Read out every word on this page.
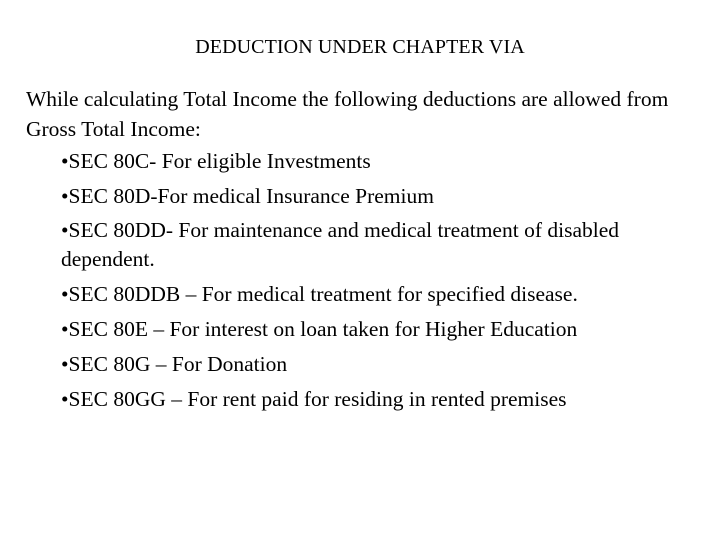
DEDUCTION UNDER CHAPTER VIA
While calculating Total Income the following deductions are allowed from Gross Total Income:
•SEC 80C- For eligible Investments
•SEC 80D-For medical Insurance Premium
•SEC 80DD- For maintenance and medical treatment of disabled dependent.
•SEC 80DDB – For medical treatment for specified disease.
•SEC 80E – For interest on loan taken for Higher Education
•SEC 80G – For Donation
•SEC 80GG – For rent paid for residing in rented premises
